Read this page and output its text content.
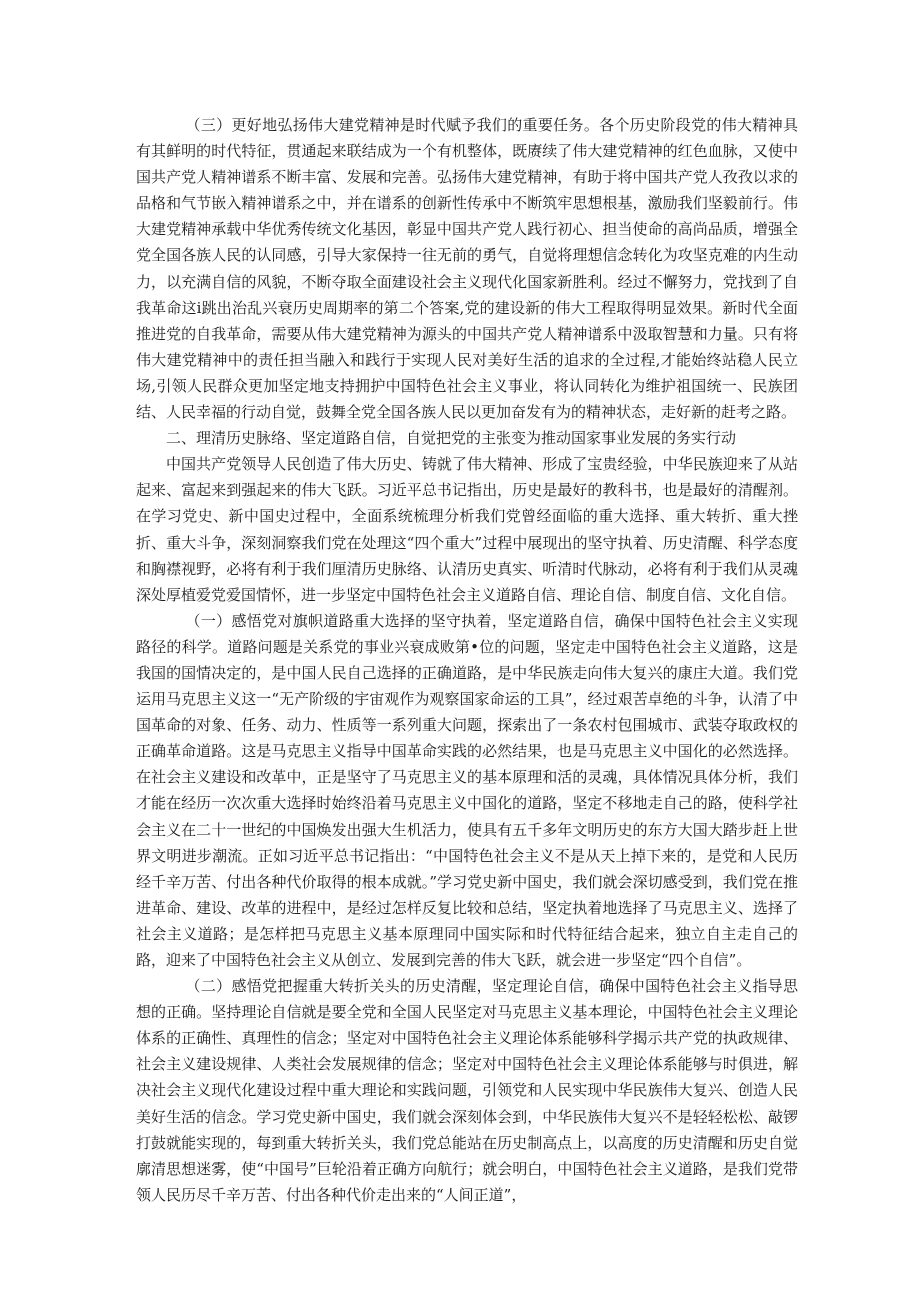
（三）更好地弘扬伟大建党精神是时代赋予我们的重要任务。各个历史阶段党的伟大精神具有其鲜明的时代特征，贯通起来联结成为一个有机整体，既赓续了伟大建党精神的红色血脉，又使中国共产党人精神谱系不断丰富、发展和完善。弘扬伟大建党精神，有助于将中国共产党人孜孜以求的品格和气节嵌入精神谱系之中，并在谱系的创新性传承中不断筑牢思想根基，激励我们坚毅前行。伟大建党精神承载中华优秀传统文化基因，彰显中国共产党人践行初心、担当使命的高尚品质，增强全党全国各族人民的认同感，引导大家保持一往无前的勇气，自觉将理想信念转化为攻坚克难的内生动力，以充满自信的风貌，不断夺取全面建设社会主义现代化国家新胜利。经过不懈努力，党找到了自我革命这i跳出治乱兴衰历史周期率的第二个答案,党的建设新的伟大工程取得明显效果。新时代全面推进党的自我革命，需要从伟大建党精神为源头的中国共产党人精神谱系中汲取智慧和力量。只有将伟大建党精神中的责任担当融入和践行于实现人民对美好生活的追求的全过程,才能始终站稳人民立场,引领人民群众更加坚定地支持拥护中国特色社会主义事业，将认同转化为维护祖国统一、民族团结、人民幸福的行动自觉，鼓舞全党全国各族人民以更加奋发有为的精神状态，走好新的赶考之路。

二、理清历史脉络、坚定道路自信，自觉把党的主张变为推动国家事业发展的务实行动

中国共产党领导人民创造了伟大历史、铸就了伟大精神、形成了宝贵经验，中华民族迎来了从站起来、富起来到强起来的伟大飞跃。习近平总书记指出，历史是最好的教科书，也是最好的清醒剂。在学习党史、新中国史过程中，全面系统梳理分析我们党曾经面临的重大选择、重大转折、重大挫折、重大斗争，深刻洞察我们党在处理这“四个重大”过程中展现出的坚守执着、历史清醒、科学态度和胸襟视野，必将有利于我们厘清历史脉络、认清历史真实、听清时代脉动，必将有利于我们从灵魂深处厚植爱党爱国情怀，进一步坚定中国特色社会主义道路自信、理论自信、制度自信、文化自信。

（一）感悟党对旗帜道路重大选择的坚守执着，坚定道路自信，确保中国特色社会主义实现路径的科学。道路问题是关系党的事业兴衰成败第•位的问题，坚定走中国特色社会主义道路，这是我国的国情决定的，是中国人民自己选择的正确道路，是中华民族走向伟大复兴的康庄大道。我们党运用马克思主义这一“无产阶级的宇宙观作为观察国家命运的工具”，经过艰苦卓绝的斗争，认清了中国革命的对象、任务、动力、性质等一系列重大问题，探索出了一条农村包围城市、武装夺取政权的正确革命道路。这是马克思主义指导中国革命实践的必然结果，也是马克思主义中国化的必然选择。在社会主义建设和改革中，正是坚守了马克思主义的基本原理和活的灵魂，具体情况具体分析，我们才能在经历一次次重大选择时始终沿着马克思主义中国化的道路，坚定不移地走自己的路，使科学社会主义在二十一世纪的中国焕发出强大生机活力，使具有五千多年文明历史的东方大国大踏步赶上世界文明进步潮流。正如习近平总书记指出：“中国特色社会主义不是从天上掉下来的，是党和人民历经千辛万苦、付出各种代价取得的根本成就。”学习党史新中国史，我们就会深切感受到，我们党在推进革命、建设、改革的进程中，是经过怎样反复比较和总结，坚定执着地选择了马克思主义、选择了社会主义道路；是怎样把马克思主义基本原理同中国实际和时代特征结合起来，独立自主走自己的路，迎来了中国特色社会主义从创立、发展到完善的伟大飞跃，就会进一步坚定“四个自信”。

（二）感悟党把握重大转折关头的历史清醒，坚定理论自信，确保中国特色社会主义指导思想的正确。坚持理论自信就是要全党和全国人民坚定对马克思主义基本理论，中国特色社会主义理论体系的正确性、真理性的信念；坚定对中国特色社会主义理论体系能够科学揭示共产党的执政规律、社会主义建设规律、人类社会发展规律的信念；坚定对中国特色社会主义理论体系能够与时俱进，解决社会主义现代化建设过程中重大理论和实践问题，引领党和人民实现中华民族伟大复兴、创造人民美好生活的信念。学习党史新中国史，我们就会深刻体会到，中华民族伟大复兴不是轻轻松松、敲锣打鼓就能实现的，每到重大转折关头，我们党总能站在历史制高点上，以高度的历史清醒和历史自觉廓清思想迷雾，使“中国号”巨轮沿着正确方向航行；就会明白，中国特色社会主义道路，是我们党带领人民历尽千辛万苦、付出各种代价走出来的“人间正道”，
